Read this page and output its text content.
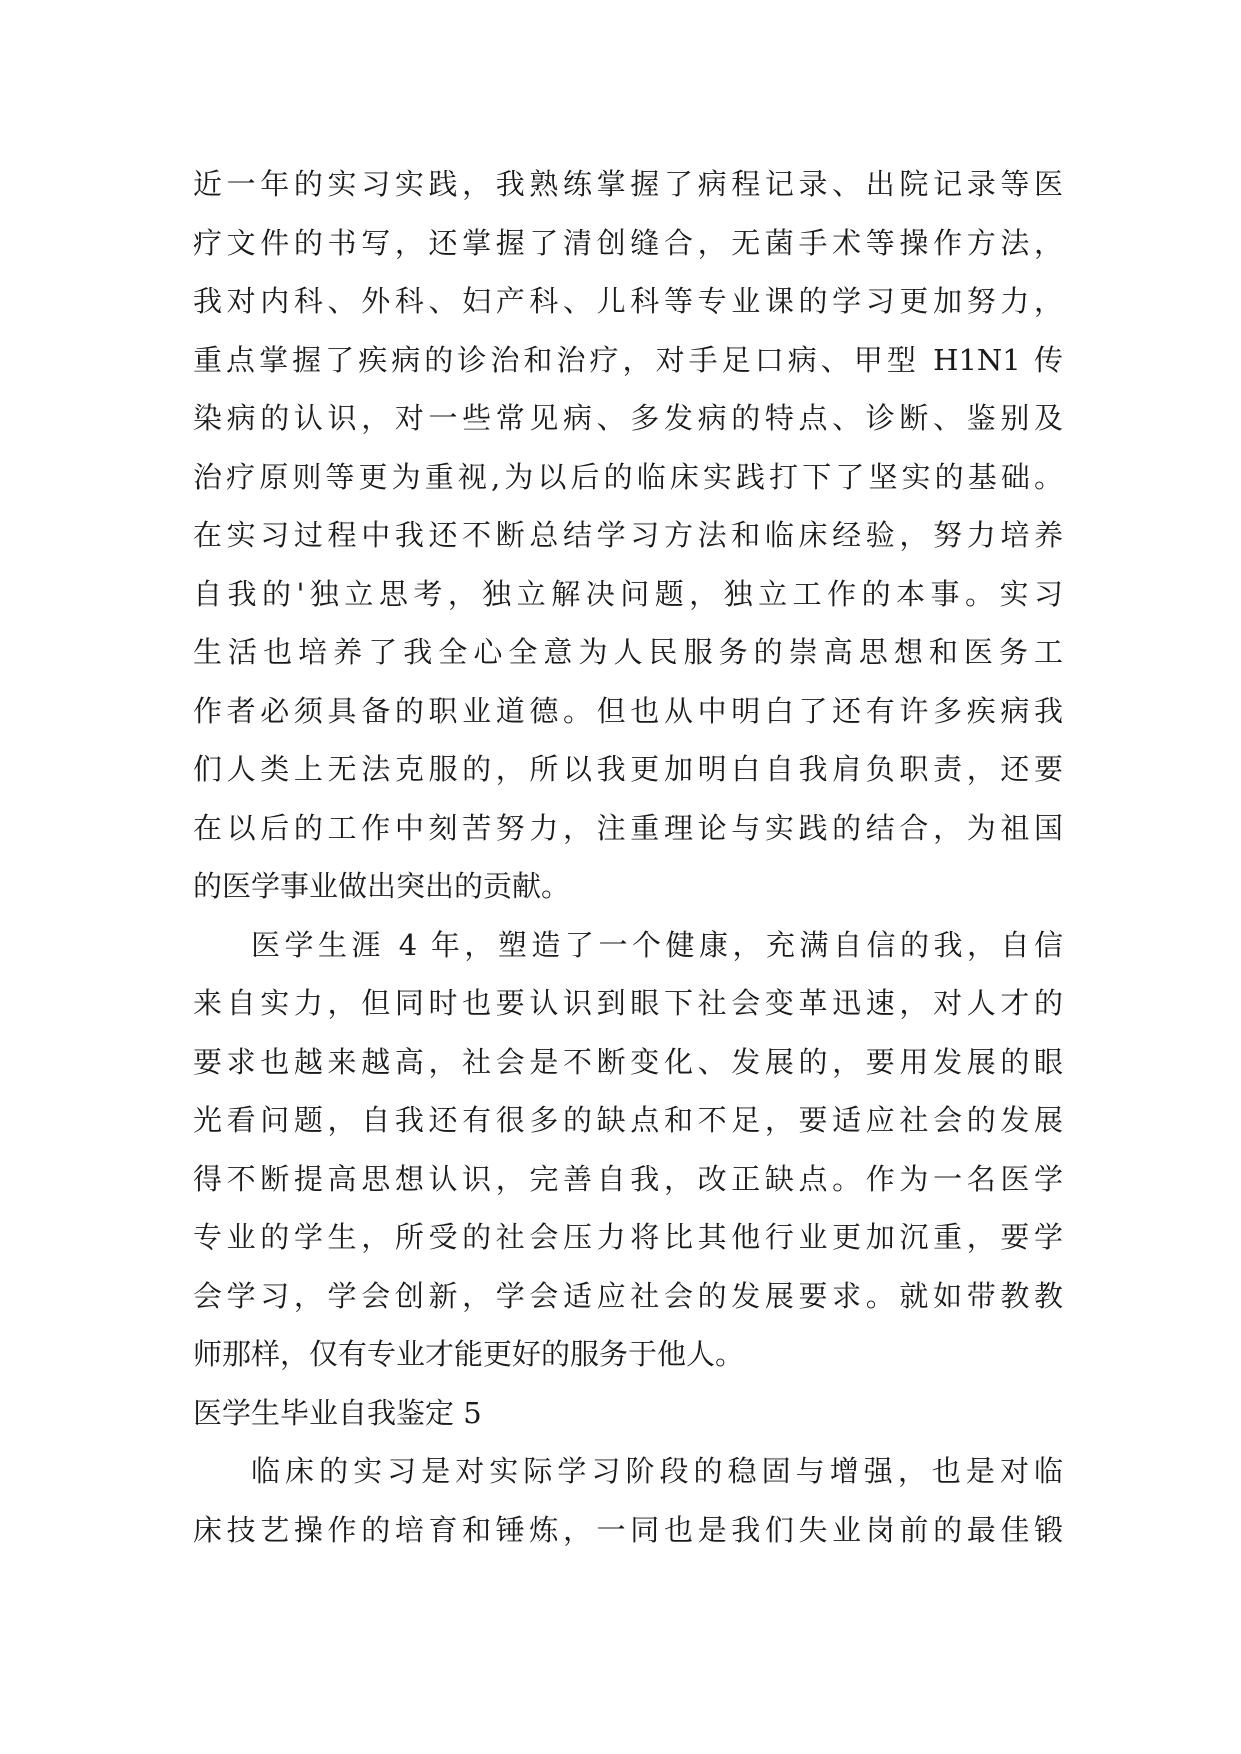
近一年的实习实践，我熟练掌握了病程记录、出院记录等医
疗文件的书写，还掌握了清创缝合，无菌手术等操作方法，
我对内科、外科、妇产科、儿科等专业课的学习更加努力，
重点掌握了疾病的诊治和治疗，对手足口病、甲型 H1N1 传
染病的认识，对一些常见病、多发病的特点、诊断、鉴别及
治疗原则等更为重视,为以后的临床实践打下了坚实的基础。
在实习过程中我还不断总结学习方法和临床经验，努力培养
自我的'独立思考，独立解决问题，独立工作的本事。实习
生活也培养了我全心全意为人民服务的崇高思想和医务工
作者必须具备的职业道德。但也从中明白了还有许多疾病我
们人类上无法克服的，所以我更加明白自我肩负职责，还要
在以后的工作中刻苦努力，注重理论与实践的结合，为祖国
的医学事业做出突出的贡献。
医学生涯 4 年，塑造了一个健康，充满自信的我，自信
来自实力，但同时也要认识到眼下社会变革迅速，对人才的
要求也越来越高，社会是不断变化、发展的，要用发展的眼
光看问题，自我还有很多的缺点和不足，要适应社会的发展
得不断提高思想认识，完善自我，改正缺点。作为一名医学
专业的学生，所受的社会压力将比其他行业更加沉重，要学
会学习，学会创新，学会适应社会的发展要求。就如带教教
师那样，仅有专业才能更好的服务于他人。
医学生毕业自我鉴定 5
临床的实习是对实际学习阶段的稳固与增强，也是对临
床技艺操作的培育和锤炼，一同也是我们失业岗前的最佳锻
